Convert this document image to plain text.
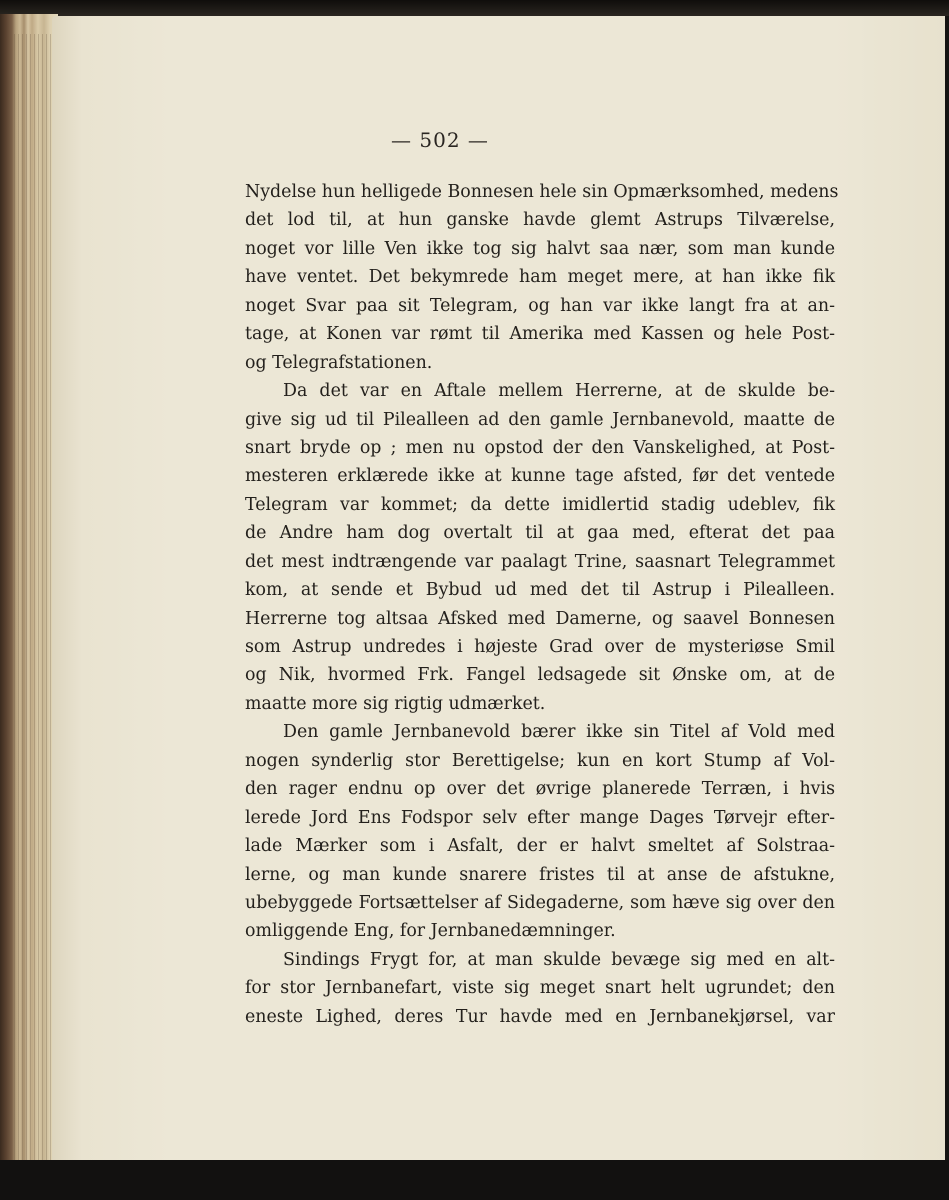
— 502 —
Nydelse hun helligede Bonnesen hele sin Opmærksomhed, medens
det lod til, at hun ganske havde glemt Astrups Tilværelse,
noget vor lille Ven ikke tog sig halvt saa nær, som man kunde
have ventet. Det bekymrede ham meget mere, at han ikke fik
noget Svar paa sit Telegram, og han var ikke langt fra at an-
tage, at Konen var rømt til Amerika med Kassen og hele Post-
og Telegrafstationen.
Da det var en Aftale mellem Herrerne, at de skulde be-
give sig ud til Pilealleen ad den gamle Jernbanevold, maatte de
snart bryde op ; men nu opstod der den Vanskelighed, at Post-
mesteren erklærede ikke at kunne tage afsted, før det ventede
Telegram var kommet; da dette imidlertid stadig udeblev, fik
de Andre ham dog overtalt til at gaa med, efterat det paa
det mest indtrængende var paalagt Trine, saasnart Telegrammet
kom, at sende et Bybud ud med det til Astrup i Pilealleen.
Herrerne tog altsaa Afsked med Damerne, og saavel Bonnesen
som Astrup undredes i højeste Grad over de mysteriøse Smil
og Nik, hvormed Frk. Fangel ledsagede sit Ønske om, at de
maatte more sig rigtig udmærket.
Den gamle Jernbanevold bærer ikke sin Titel af Vold med
nogen synderlig stor Berettigelse; kun en kort Stump af Vol-
den rager endnu op over det øvrige planerede Terræn, i hvis
lerede Jord Ens Fodspor selv efter mange Dages Tørvejr efter-
lade Mærker som i Asfalt, der er halvt smeltet af Solstraa-
lerne, og man kunde snarere fristes til at anse de afstukne,
ubebyggede Fortsættelser af Sidegaderne, som hæve sig over den
omliggende Eng, for Jernbanedæmninger.
Sindings Frygt for, at man skulde bevæge sig med en alt-
for stor Jernbanefart, viste sig meget snart helt ugrundet; den
eneste Lighed, deres Tur havde med en Jernbanekjørsel, var
